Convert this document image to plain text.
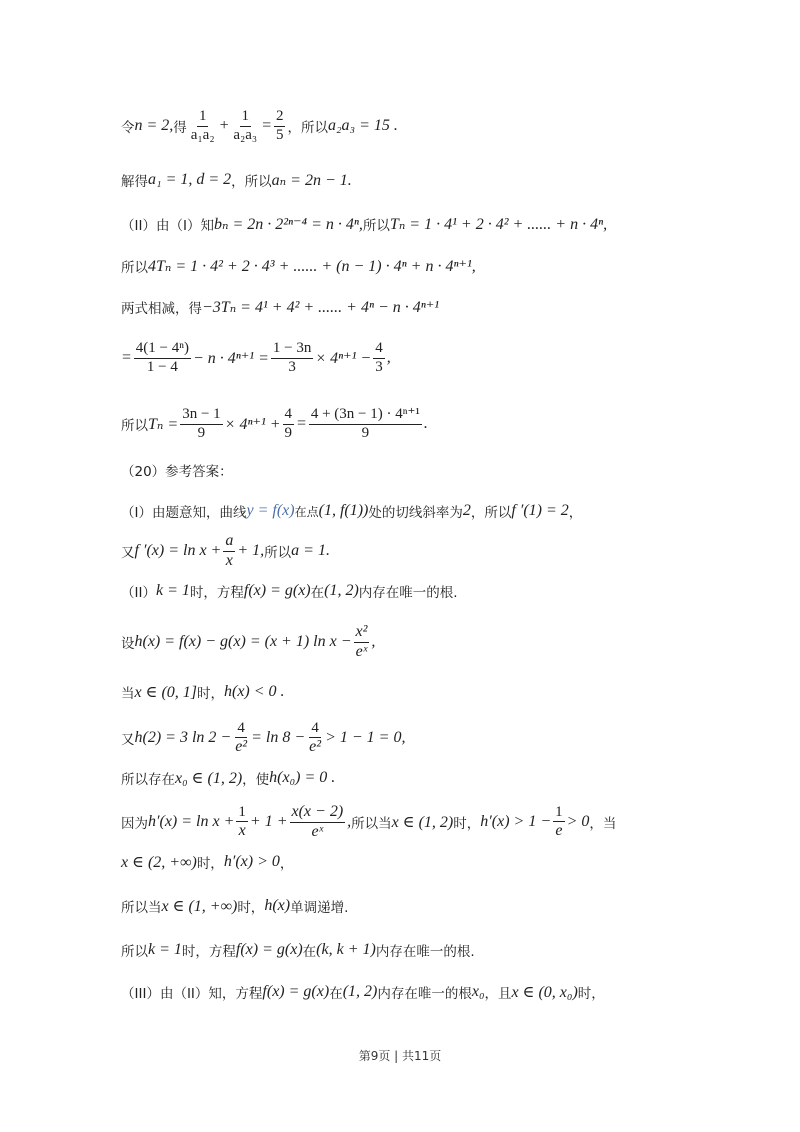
令 n = 2, 得 $\frac{1}{\text{a₁a₂}} + \frac{1}{\text{a₂a₃}} = \frac{2}{5}$ ，所以 a₂a₃ = 15 .
解得 a₁ = 1, d = 2 ，所以 aₙ = 2n − 1.
（II）由（I）知 bₙ = 2n · 2²ⁿ⁻⁴ = n · 4ⁿ, 所以 Tₙ = 1 · 4¹ + 2 · 4² + ...... + n · 4ⁿ,
所以 4Tₙ = 1 · 4² + 2 · 4³ + ...... + (n − 1) · 4ⁿ + n · 4ⁿ⁺¹,
两式相减，得 −3Tₙ = 4¹ + 4² + ...... + 4ⁿ − n · 4ⁿ⁺¹
= $\frac{\text{4(1 − 4ⁿ)}}{1 - 4} - n \cdot 4^{n+1} = \frac{1 - 3n}{3} \times 4^{n+1} - \frac{4}{3}$ ,
所以 $T_n = \frac{3n - 1}{9} \times 4^{n+1} + \frac{4}{9} = \frac{\text{4 + (3n − 1) · 4ⁿ⁺¹}}{9}$ .
（20）参考答案：
（I）由题意知，曲线 y = f(x) 在点 (1, f(1)) 处的切线斜率为 2 ，所以 f ′(1) = 2 ，
又 f $'(x) = \ln x + \frac{a}{x} + 1$, 所以 a = 1.
（II） k = 1 时，方程 f(x) = g(x) 在 (1, 2) 内存在唯一的根.
设 h(x) = f(x) − g(x) = (x + 1) $\ln x - \frac{\text{x²}}{\text{eˣ}}$ ,
当 x ∈ (0, 1] 时， h(x) < 0 .
又 h(2) = 3 $\ln 2 - \frac{4}{\text{e²}} = \ln 8 - \frac{4}{\text{e²}} > 1 - 1 = 0$,
所以存在 x₀ ∈ (1, 2) ，使 h(x₀) = 0 .
因为 $h'(x) = \ln x + \frac{1}{x} + 1 + \frac{x(x - 2)}{\text{eˣ}}$ , 所以当 x ∈ (1, 2) 时， $h'(x) > 1 - \frac{1}{e} > 0$ ，当
x ∈ (2, +∞) 时， h′(x) > 0 ，
所以当 x ∈ (1, +∞) 时， h(x) 单调递增.
所以 k = 1 时，方程 f(x) = g(x) 在 (k, k + 1) 内存在唯一的根.
（III）由（II）知，方程 f(x) = g(x) 在 (1, 2) 内存在唯一的根 x₀ ，且 x ∈ (0, x₀) 时，
第9页 | 共11页
